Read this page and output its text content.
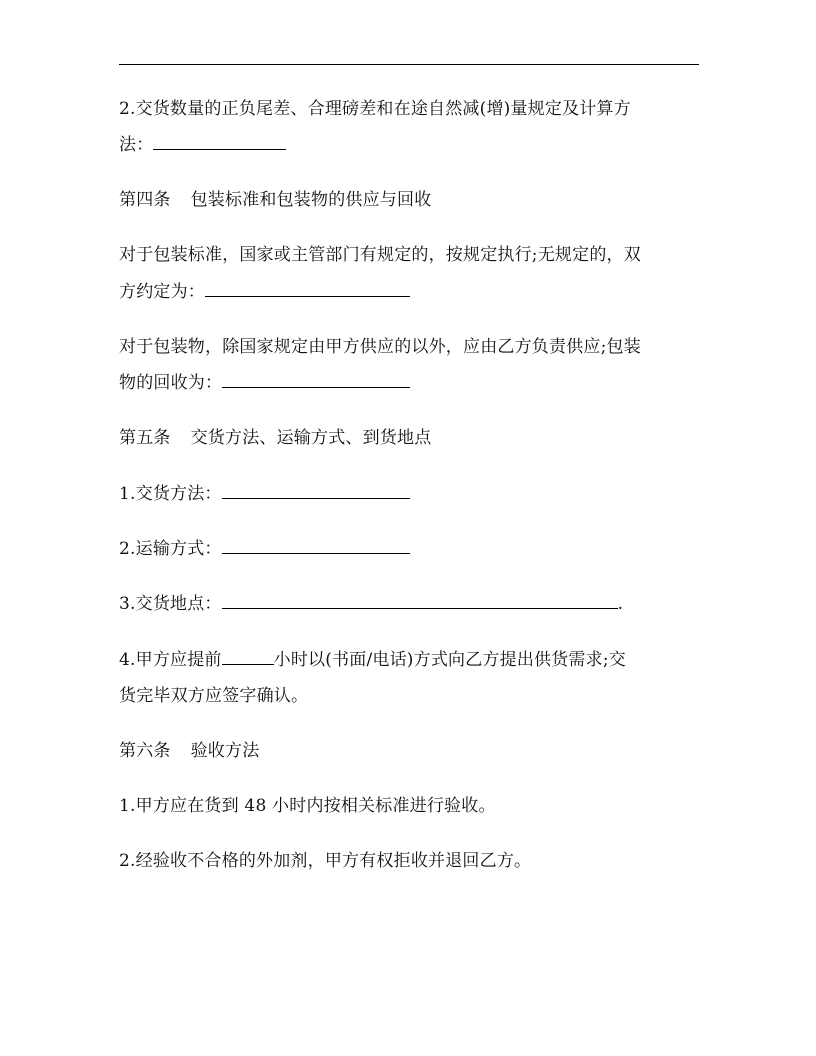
2.交货数量的正负尾差、合理磅差和在途自然减(增)量规定及计算方
法：
第四条 包装标准和包装物的供应与回收
对于包装标准，国家或主管部门有规定的，按规定执行;无规定的，双
方约定为：
对于包装物，除国家规定由甲方供应的以外，应由乙方负责供应;包装
物的回收为：
第五条 交货方法、运输方式、到货地点
1.交货方法：
2.运输方式：
3.交货地点：	.
4.甲方应提前	小时以(书面/电话)方式向乙方提出供货需求;交
货完毕双方应签字确认。
第六条 验收方法
1.甲方应在货到 48 小时内按相关标准进行验收。
2.经验收不合格的外加剂，甲方有权拒收并退回乙方。
